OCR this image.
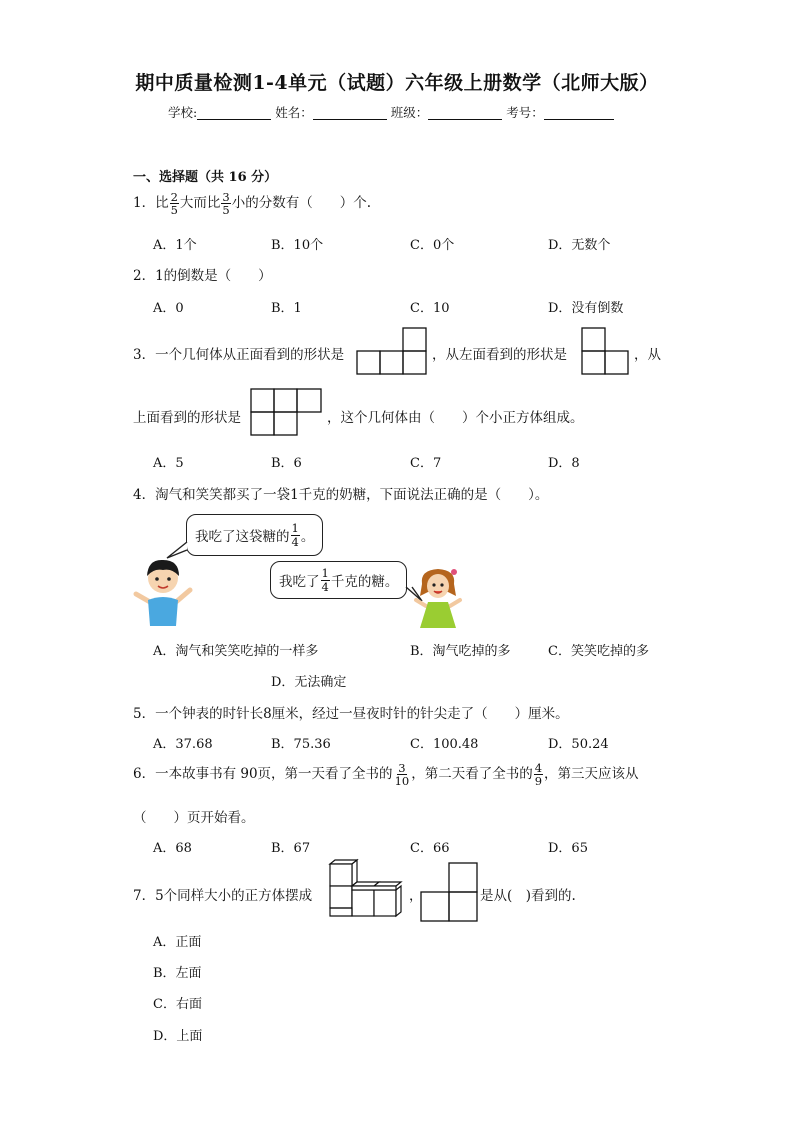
期中质量检测1-4单元（试题）六年级上册数学（北师大版）
学校:	姓名：	班级：	考号：
一、选择题（共 16 分）
1．比 $\frac{2}{5}$ 大而比 $\frac{3}{5}$ 小的分数有（　　）个.
A．1个	B．10个	C．0个	D．无数个
2．1的倒数是（　　）
A．0	B．1	C．10	D．没有倒数
3．一个几何体从正面看到的形状是	，从左面看到的形状是	，从
上面看到的形状是	，这个几何体由（　　）个小正方体组成。
A．5	B．6	C．7	D．8
4．淘气和笑笑都买了一袋1千克的奶糖，下面说法正确的是（　　）。
我吃了这袋糖的 $\frac{1}{4}$ 。
我吃了 $\frac{1}{4}$ 千克的糖。
A．淘气和笑笑吃掉的一样多	B．淘气吃掉的多	C．笑笑吃掉的多
D．无法确定
5．一个钟表的时针长8厘米，经过一昼夜时针的针尖走了（　　）厘米。
A．37.68	B．75.36	C．100.48	D．50.24
6．一本故事书有 90页，第一天看了全书的 $\frac{3}{10}$ ，第二天看了全书的 $\frac{4}{9}$ ，第三天应该从
（　　）页开始看。
A．68	B．67	C．66	D．65
7．5个同样大小的正方体摆成	，	是从(　)看到的.
A．正面
B．左面
C．右面
D．上面
